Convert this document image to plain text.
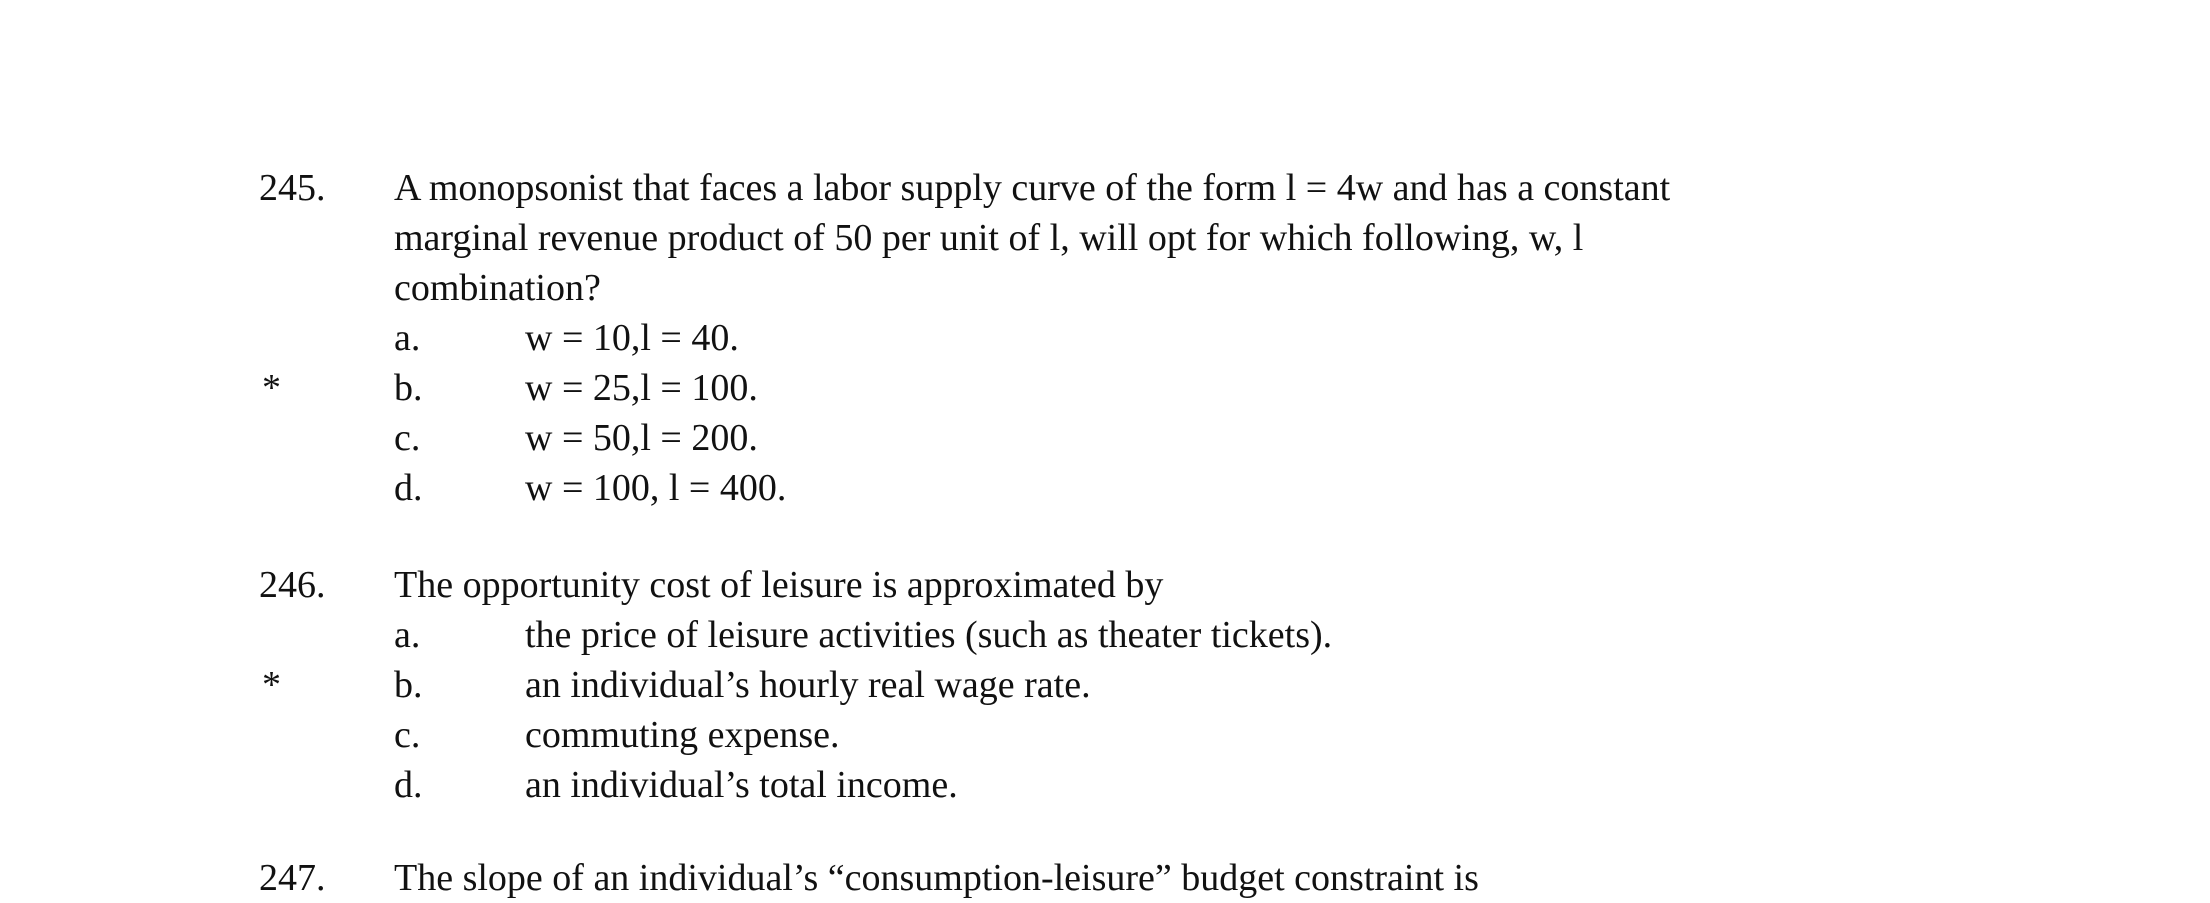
245. A monopsonist that faces a labor supply curve of the form l = 4w and has a constant
marginal revenue product of 50 per unit of l, will opt for which following, w, l
combination?
a.	w = 10,l = 40.
*	b.	w = 25,l = 100.
c.	w = 50,l = 200.
d.	w = 100, l = 400.
246. The opportunity cost of leisure is approximated by
a.	the price of leisure activities (such as theater tickets).
*	b.	an individual’s hourly real wage rate.
c.	commuting expense.
d.	an individual’s total income.
247. The slope of an individual’s “consumption-leisure” budget constraint is
